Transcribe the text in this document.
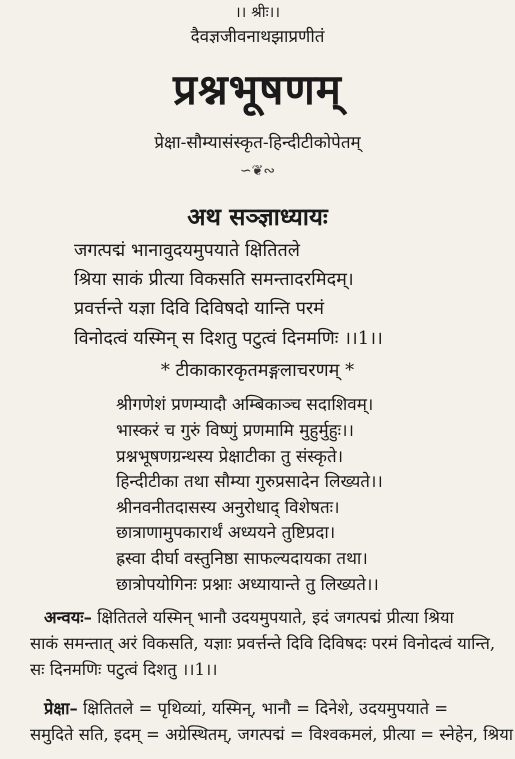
।। श्रीः।।
दैवज्ञजीवनाथझाप्रणीतं
प्रश्नभूषणम्
प्रेक्षा-सौम्यासंस्कृत-हिन्दीटीकोपेतम्
∽❦∾
अथ सञ्ज्ञाध्यायः
जगत्पद्मं भानावुदयमुपयाते क्षितितले
श्रिया साकं प्रीत्या विकसति समन्तादरमिदम्।
प्रवर्त्तन्ते यज्ञा दिवि दिविषदो यान्ति परमं
विनोदत्वं यस्मिन् स दिशतु पटुत्वं दिनमणिः ।।1।।
* टीकाकारकृतमङ्गलाचरणम् *
श्रीगणेशं प्रणम्यादौ अम्बिकाञ्च सदाशिवम्।
भास्करं च गुरुं विष्णुं प्रणमामि मुहुर्मुहुः।।
प्रश्नभूषणग्रन्थस्य प्रेक्षाटीका तु संस्कृते।
हिन्दीटीका तथा सौम्या गुरुप्रसादेन लिख्यते।।
श्रीनवनीतदासस्य अनुरोधाद् विशेषतः।
छात्राणामुपकारार्थं अध्ययने तुष्टिप्रदा।
ह्रस्वा दीर्घा वस्तुनिष्ठा साफल्यदायका तथा।
छात्रोपयोगिनः प्रश्नाः अध्यायान्ते तु लिख्यते।।
अन्वयः– क्षितितले यस्मिन् भानौ उदयमुपयाते, इदं जगत्पद्मं प्रीत्या श्रिया
साकं समन्तात् अरं विकसति, यज्ञाः प्रवर्त्तन्ते दिवि दिविषदः परमं विनोदत्वं यान्ति,
सः दिनमणिः पटुत्वं दिशतु ।।1।।
प्रेक्षा– क्षितितले = पृथिव्यां, यस्मिन्, भानौ = दिनेशे, उदयमुपयाते =
समुदिते सति, इदम् = अग्रेस्थितम्, जगत्पद्मं = विश्वकमलं, प्रीत्या = स्नेहेन, श्रिया
